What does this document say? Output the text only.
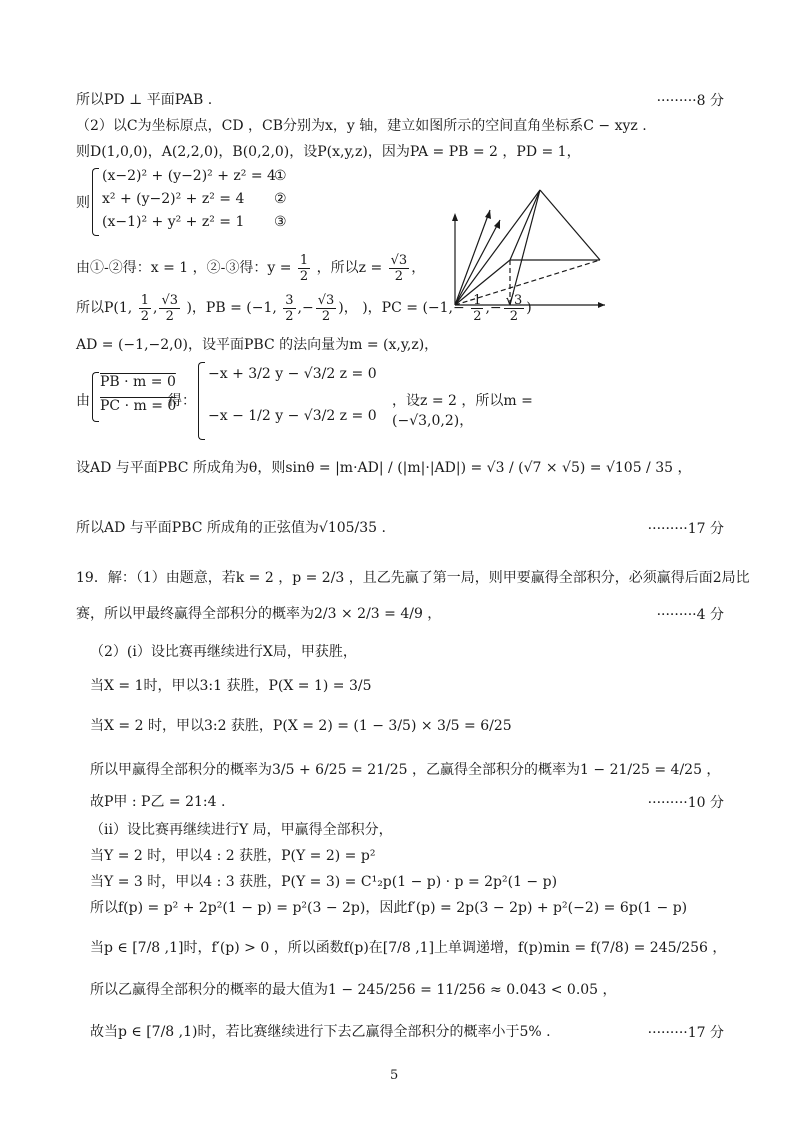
所以PD ⊥ 平面PAB .	·········8 分
（2）以C为坐标原点，CD ，CB分别为x，y 轴，建立如图所示的空间直角坐标系C − xyz .
则D(1,0,0)，A(2,2,0)，B(0,2,0)，设P(x,y,z)，因为PA = PB = 2 ，PD = 1，
则
(x−2)² + (y−2)² + z² = 4
x² + (y−2)² + z² = 4
(x−1)² + y² + z² = 1
①
②
③
由①-②得：x = 1 ，②-③得：$y = \frac{1}{2}$ ，所以$z = \frac{√3}{2}$ ，
所以P(1, $\frac{1}{2}$ , $\frac{√3}{2}$ )，PB = (−1, $\frac{3}{2}$ ,− $\frac{√3}{2}$ )， )，PC = ($-1,- \frac{1}{2}$ ,− $\frac{√3}{2}$ )
AD = (−1,−2,0)，设平面PBC 的法向量为m = (x,y,z)，
由
PB · m = 0
PC · m = 0
得：
−x + 3/2 y − √3/2 z = 0
−x − 1/2 y − √3/2 z = 0
，设z = 2 ，所以m = (−√3,0,2)，
设AD 与平面PBC 所成角为θ，则sinθ = |m·AD| / (|m|·|AD|) = √3 / (√7 × √5) = √105 / 35 ，
所以AD 与平面PBC 所成角的正弦值为√105/35 .	·········17 分
19．解：（1）由题意，若k = 2 ，p = 2/3 ，且乙先赢了第一局，则甲要赢得全部积分，必须赢得后面2局比
赛，所以甲最终赢得全部积分的概率为2/3 × 2/3 = 4/9 ，	·········4 分
（2）(i）设比赛再继续进行X局，甲获胜，
当X = 1时，甲以3:1 获胜，P(X = 1) = 3/5
当X = 2 时，甲以3:2 获胜，P(X = 2) = (1 − 3/5) × 3/5 = 6/25
所以甲赢得全部积分的概率为3/5 + 6/25 = 21/25 ，乙赢得全部积分的概率为1 − 21/25 = 4/25 ，
故P甲 : P乙 = 21:4 .	·········10 分
（ii）设比赛再继续进行Y 局，甲赢得全部积分，
当Y = 2 时，甲以4 : 2 获胜，P(Y = 2) = p²
当Y = 3 时，甲以4 : 3 获胜，P(Y = 3) = C¹₂p(1 − p) · p = 2p²(1 − p)
所以f(p) = p² + 2p²(1 − p) = p²(3 − 2p)，因此f′(p) = 2p(3 − 2p) + p²(−2) = 6p(1 − p)
当p ∈ [7/8 ,1]时，f′(p) > 0 ，所以函数f(p)在[7/8 ,1]上单调递增，f(p)min = f(7/8) = 245/256 ，
所以乙赢得全部积分的概率的最大值为1 − 245/256 = 11/256 ≈ 0.043 < 0.05 ，
故当p ∈ [7/8 ,1)时，若比赛继续进行下去乙赢得全部积分的概率小于5% .	·········17 分
5
